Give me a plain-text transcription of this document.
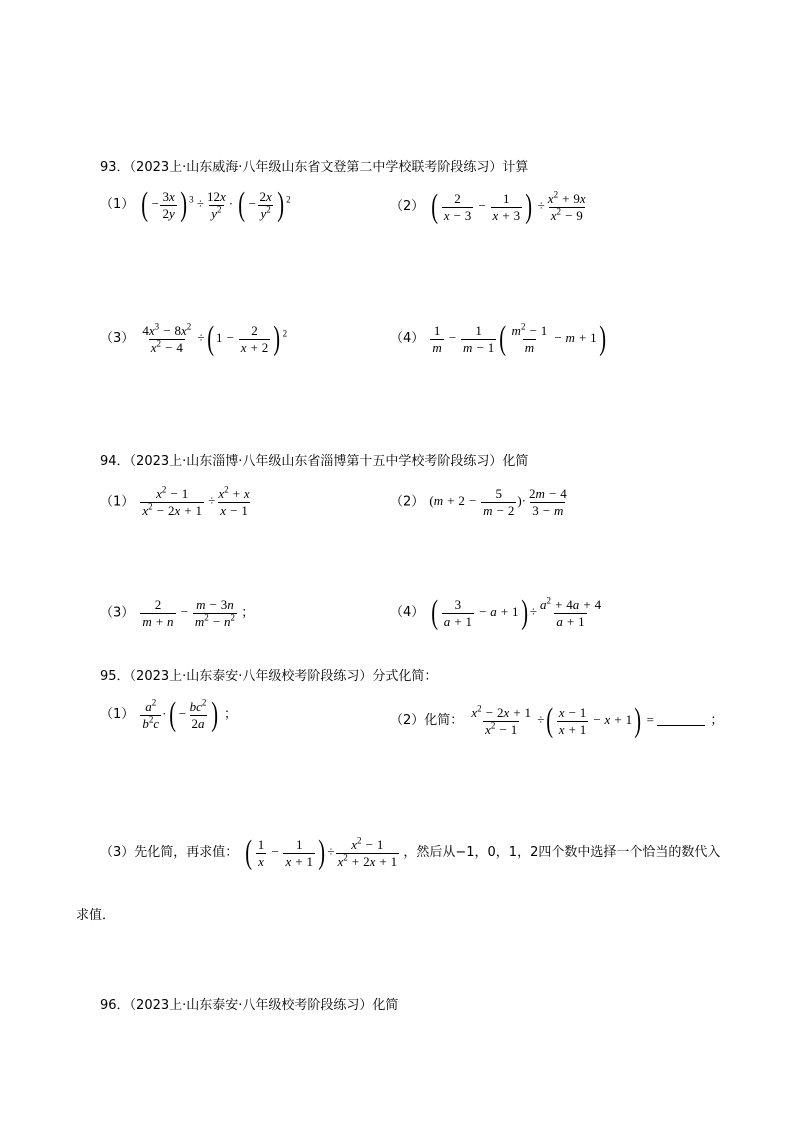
93．（2023上·山东威海·八年级山东省文登第二中学校联考阶段练习）计算
（1） ( − $\frac{3x}{2y}$ ) $^3 \div \frac{12x}{y^2}$ · ( − $\frac{2x}{y^2}$ ) $^2$	（2） ( $\frac{2}{x - 3} - \frac{1}{x + 3}$ ) ÷ $\frac{x^2 + 9x}{x^2 - 9}$
$(3) \frac{4x^3 - 8x^2}{x^2 - 4}$ ÷( $1 - \frac{2}{x + 2}$ ) $^2$	$(4) \frac{1}{m} - \frac{1}{m - 1}$ ( $\frac{m^2 - 1}{m} - m + 1$)
94．（2023上·山东淄博·八年级山东省淄博第十五中学校考阶段练习）化简
$(1) \frac{x^2 - 1}{x^2 - 2x + 1} \div \frac{x^2 + x}{x - 1}$	（2） ($m + 2 - \frac{5}{m - 2}$ )· $\frac{2m - 4}{3 - m}$
$(3) \frac{2}{m + n} - \frac{m - 3n}{m^2 - n^2}$ ；	（4） ( $\frac{3}{a + 1} - a + 1) \div \frac{a^2 + 4a + 4}{a + 1}$
95．（2023上·山东泰安·八年级校考阶段练习）分式化简：
$(1) \frac{a^2}{b^2c}$ ·( − $\frac{bc^2}{2a}$ ) ；	（2）化简： $\frac{x^2 - 2x + 1}{x^2 - 1}$ ÷( $\frac{x - 1}{x + 1} - x + 1$) =	；
（3）先化简，再求值： ( $\frac{1}{x} - \frac{1}{x + 1}$ ) ÷ $\frac{x^2 - 1}{x^2 + 2x + 1}$ ，然后从−1，0，1，2四个数中选择一个恰当的数代入
求值．
96．（2023上·山东泰安·八年级校考阶段练习）化简
